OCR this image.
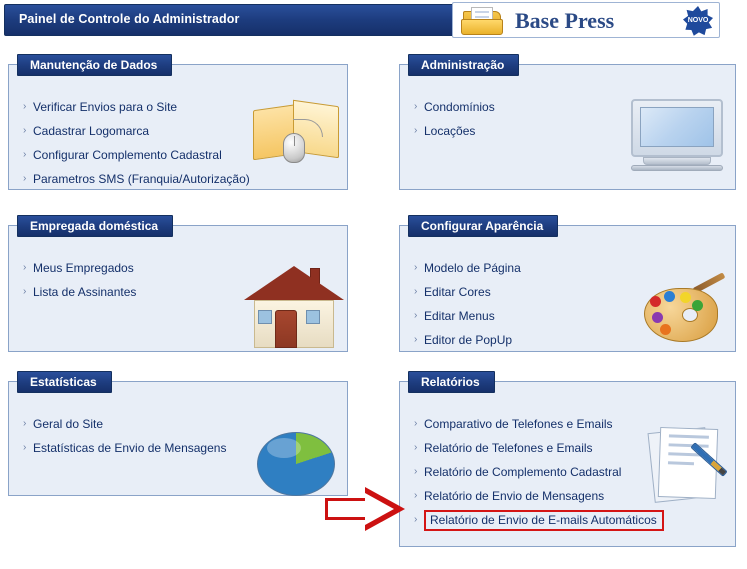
Painel de Controle do Administrador	Base Press	NOVO
Manutenção de Dados
› Verificar Envios para o Site
› Cadastrar Logomarca
› Configurar Complemento Cadastral
› Parametros SMS (Franquia/Autorização)
Administração
› Condomínios
› Locações
Empregada doméstica
› Meus Empregados
› Lista de Assinantes
Configurar Aparência
› Modelo de Página
› Editar Cores
› Editar Menus
› Editor de PopUp
Estatísticas
› Geral do Site
› Estatísticas de Envio de Mensagens
Relatórios
› Comparativo de Telefones e Emails
› Relatório de Telefones e Emails
› Relatório de Complemento Cadastral
› Relatório de Envio de Mensagens
› Relatório de Envio de E-mails Automáticos
